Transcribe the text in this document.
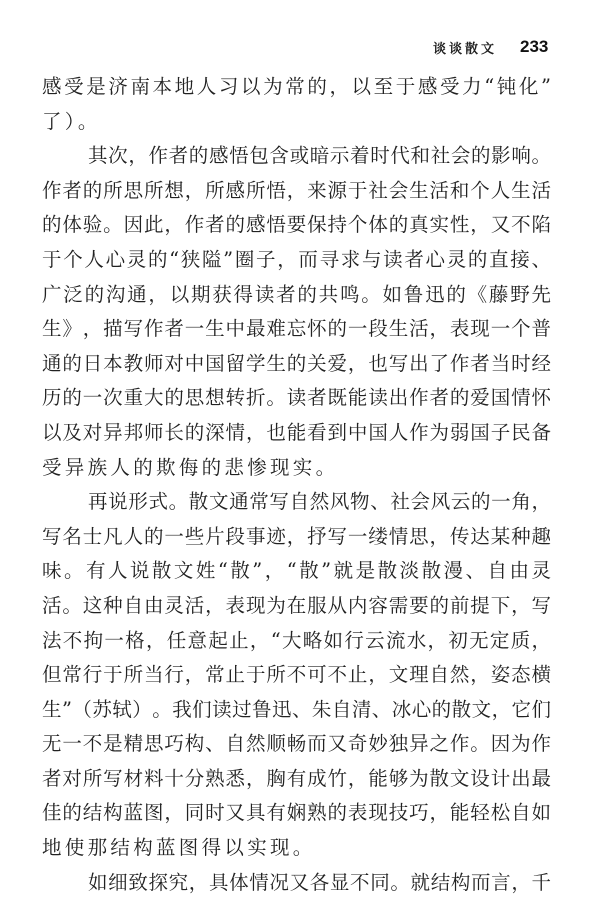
谈谈散文 233
感​受​是​济​南​本​地​人​习​以​为​常​的​，​以​至​于​感​受​力​“​钝​化​”
了）。
其​次​，​作​者​的​感​悟​包​含​或​暗​示​着​时​代​和​社​会​的​影​响​。
作​者​的​所​思​所​想​，​所​感​所​悟​，​来​源​于​社​会​生​活​和​个​人​生​活
的​体​验​。​因​此​，​作​者​的​感​悟​要​保​持​个​体​的​真​实​性​，​又​不​陷
于​个​人​心​灵​的​“​狭​隘​”​圈​子​，​而​寻​求​与​读​者​心​灵​的​直​接​、
广​泛​的​沟​通​，​以​期​获​得​读​者​的​共​鸣​。​如​鲁​迅​的​《​藤​野​先
生​》​，​描​写​作​者​一​生​中​最​难​忘​怀​的​一​段​生​活​，​表​现​一​个​普
通​的​日​本​教​师​对​中​国​留​学​生​的​关​爱​，​也​写​出​了​作​者​当​时​经
历​的​一​次​重​大​的​思​想​转​折​。​读​者​既​能​读​出​作​者​的​爱​国​情​怀
以​及​对​异​邦​师​长​的​深​情​，​也​能​看​到​中​国​人​作​为​弱​国​子​民​备
受异族人的欺侮的悲惨现实。
再​说​形​式​。​散​文​通​常​写​自​然​风​物​、​社​会​风​云​的​一​角​，
写​名​士​凡​人​的​一​些​片​段​事​迹​，​抒​写​一​缕​情​思​，​传​达​某​种​趣
味​。​有​人​说​散​文​姓​“​散​”​，​“​散​”​就​是​散​淡​散​漫​、​自​由​灵
活​。​这​种​自​由​灵​活​，​表​现​为​在​服​从​内​容​需​要​的​前​提​下​，​写
法​不​拘​一​格​，​任​意​起​止​，​“​大​略​如​行​云​流​水​，​初​无​定​质​，
但​常​行​于​所​当​行​，​常​止​于​所​不​可​不​止​，​文​理​自​然​，​姿​态​横
生​”​（​苏​轼​）​。​我​们​读​过​鲁​迅​、​朱​自​清​、​冰​心​的​散​文​，​它​们
无​一​不​是​精​思​巧​构​、​自​然​顺​畅​而​又​奇​妙​独​异​之​作​。​因​为​作
者​对​所​写​材​料​十​分​熟​悉​，​胸​有​成​竹​，​能​够​为​散​文​设​计​出​最
佳​的​结​构​蓝​图​，​同​时​又​具​有​娴​熟​的​表​现​技​巧​，​能​轻​松​自​如
地使那结构蓝图得以实现。
如​细​致​探​究​，​具​体​情​况​又​各​显​不​同​。​就​结​构​而​言​，​千
